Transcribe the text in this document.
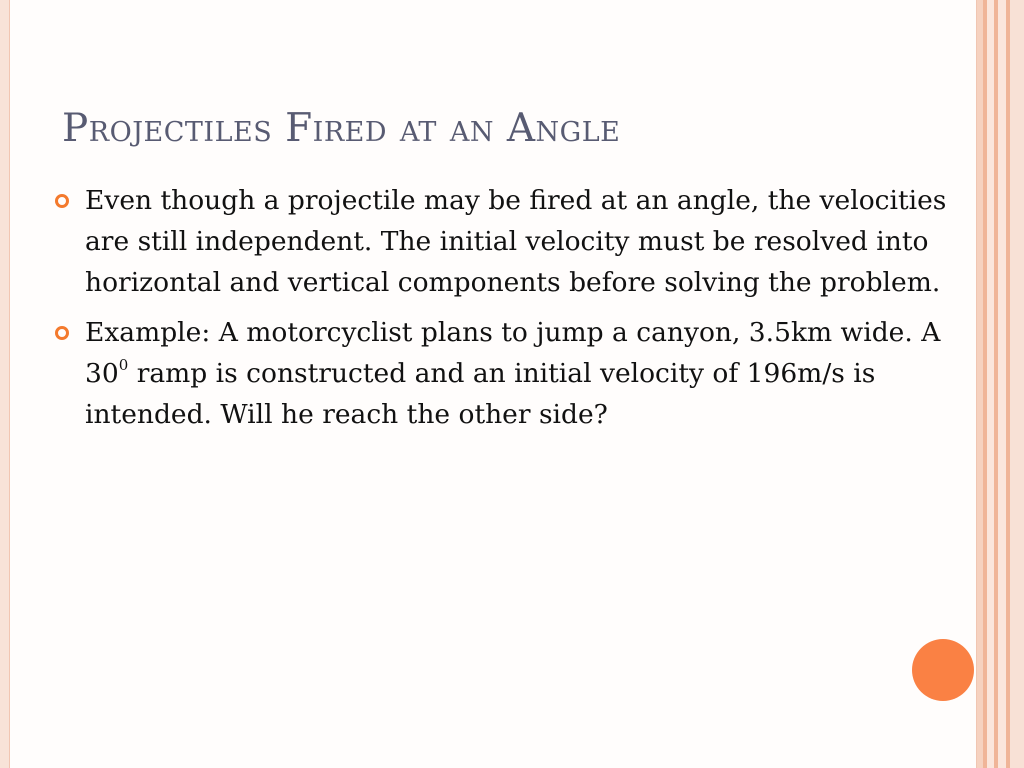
Projectiles Fired at an Angle
Even though a projectile may be fired at an angle, the velocities are still independent. The initial velocity must be resolved into horizontal and vertical components before solving the problem.
Example: A motorcyclist plans to jump a canyon, 3.5km wide. A $30^0$ ramp is constructed and an initial velocity of 196m/s is intended. Will he reach the other side?
